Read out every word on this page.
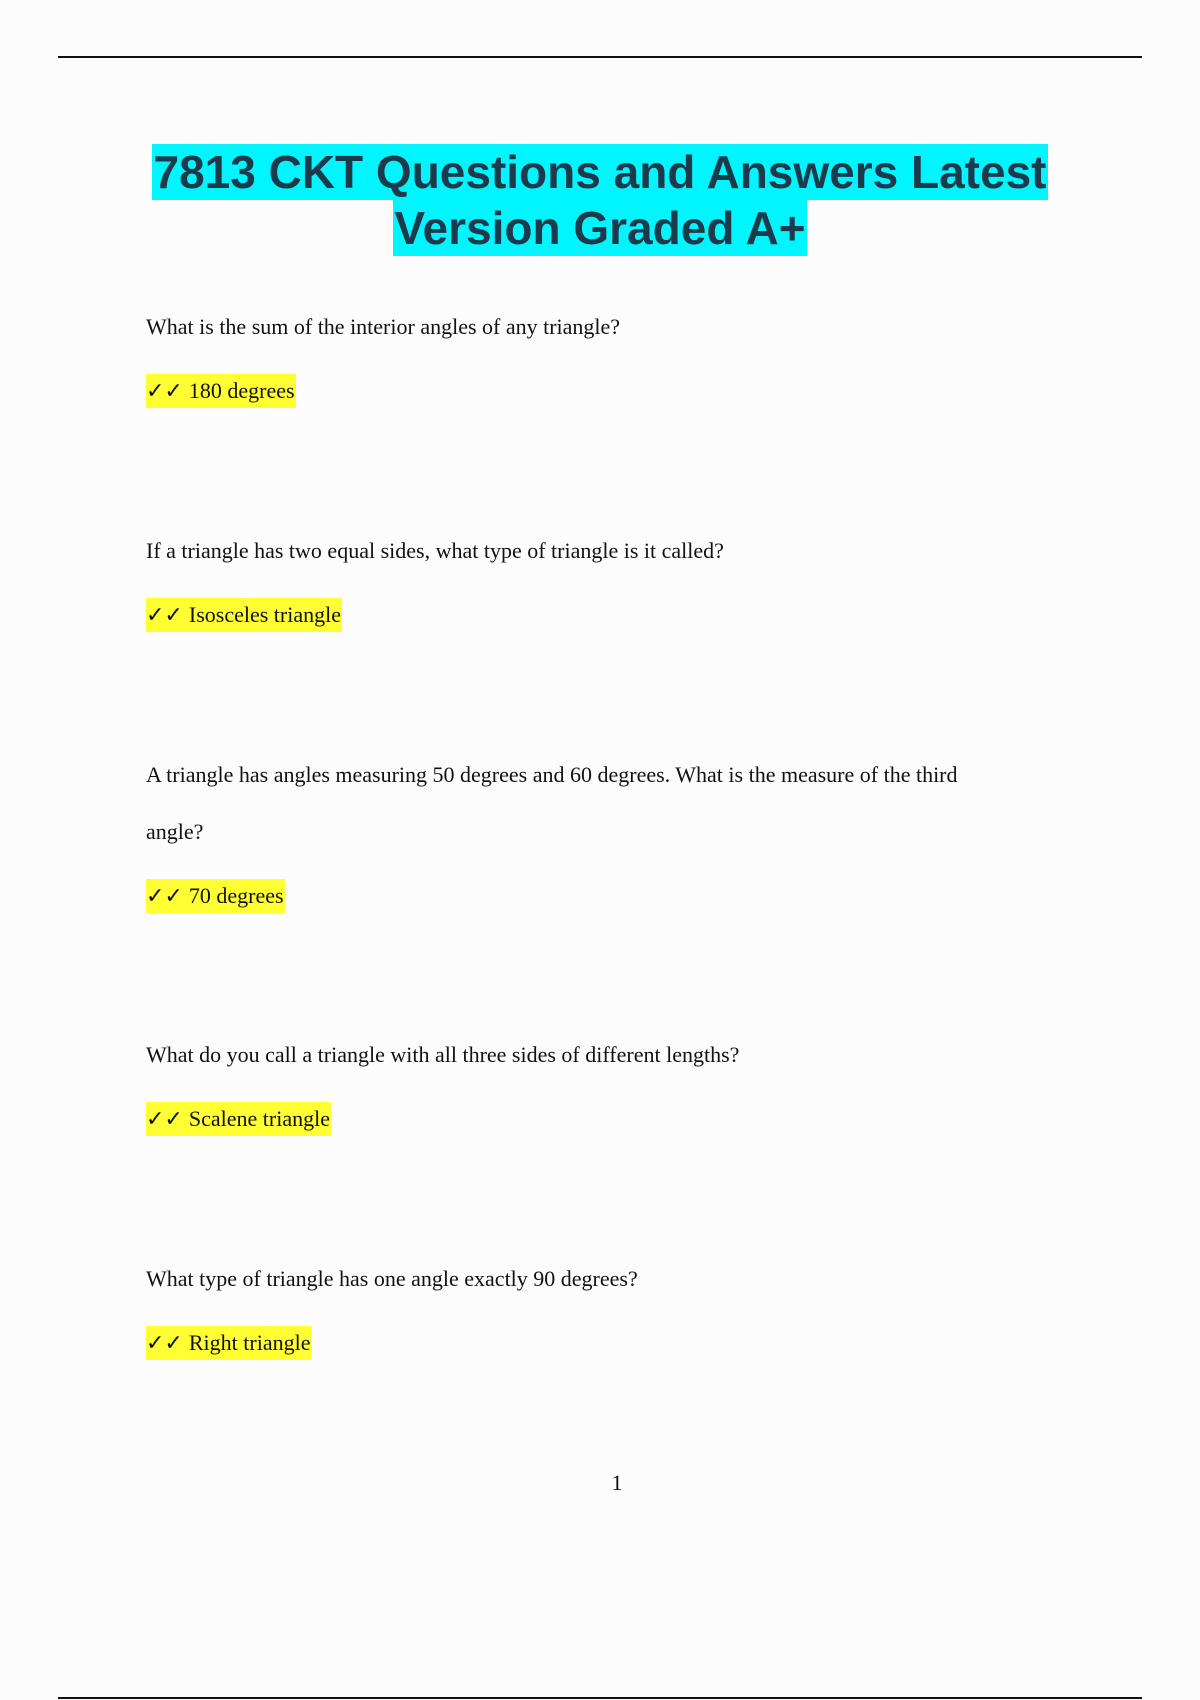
7813 CKT Questions and Answers Latest
Version Graded A+

What is the sum of the interior angles of any triangle?

✓✓ 180 degrees

If a triangle has two equal sides, what type of triangle is it called?

✓✓ Isosceles triangle

A triangle has angles measuring 50 degrees and 60 degrees. What is the measure of the third

angle?

✓✓ 70 degrees

What do you call a triangle with all three sides of different lengths?

✓✓ Scalene triangle

What type of triangle has one angle exactly 90 degrees?

✓✓ Right triangle
1
